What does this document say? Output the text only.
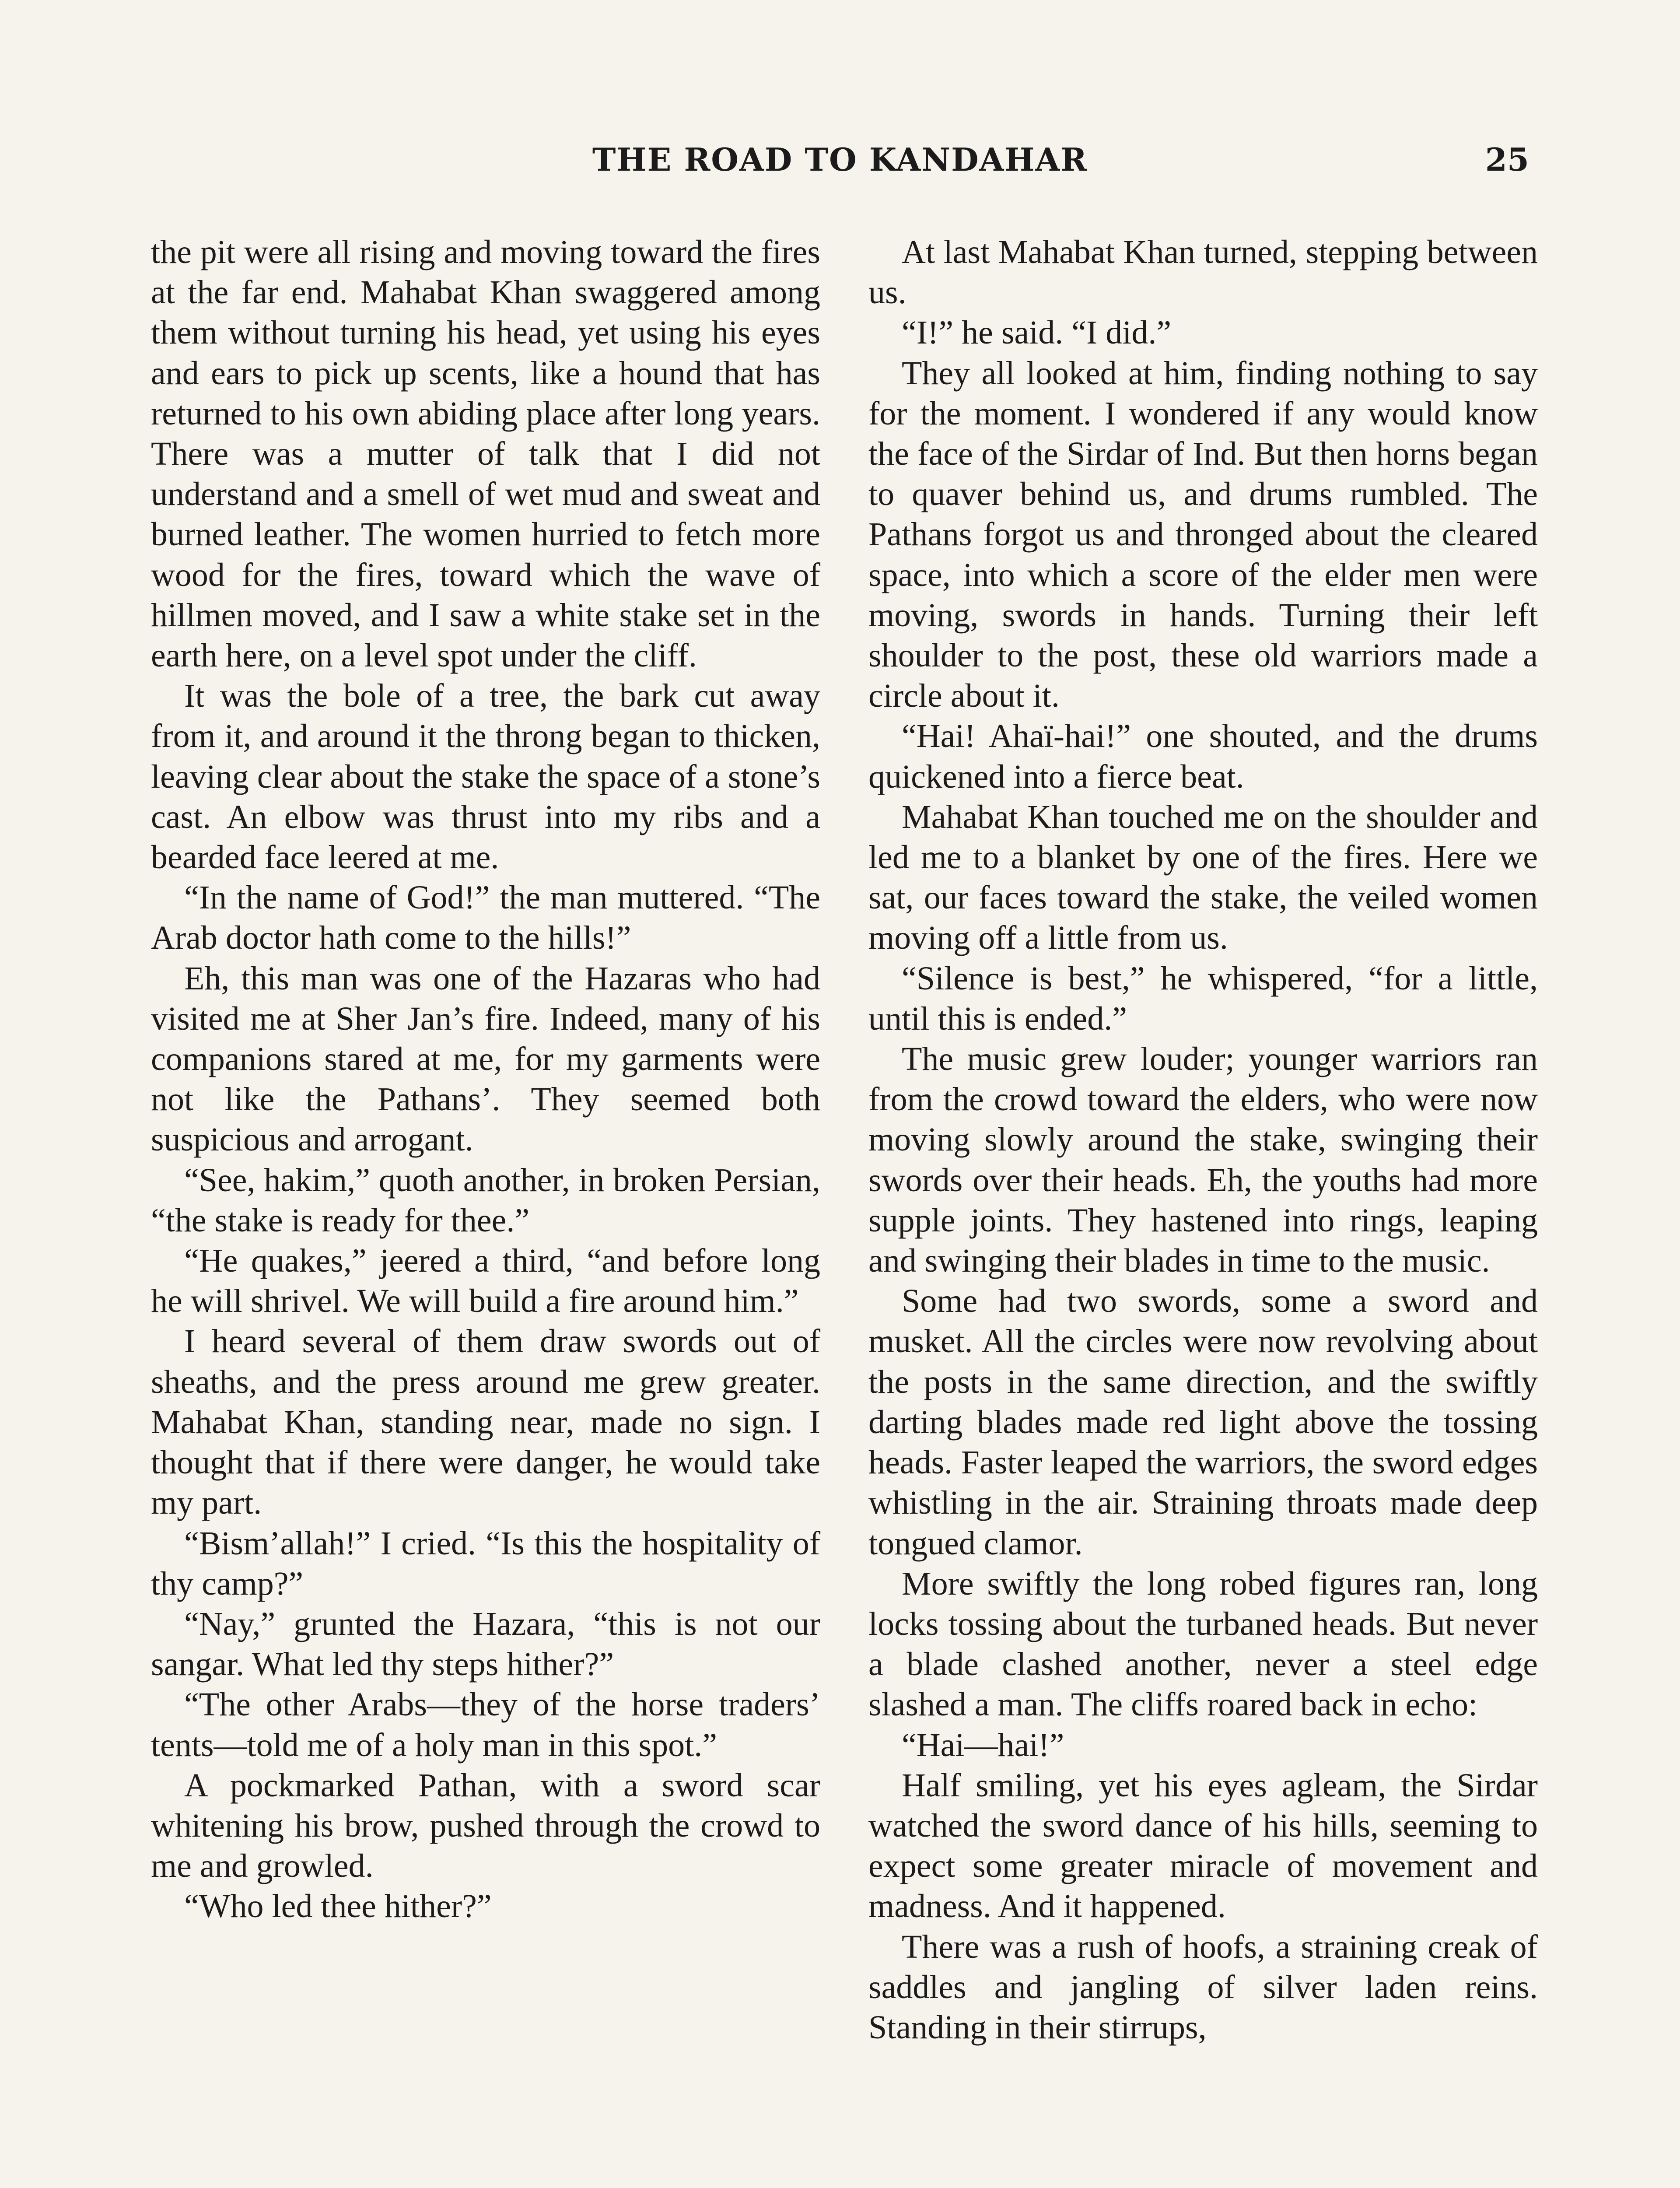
THE ROAD TO KANDAHAR	25

the pit were all rising and moving toward the fires at the far end. Mahabat Khan swaggered among them without turning his head, yet using his eyes and ears to pick up scents, like a hound that has returned to his own abiding place after long years. There was a mutter of talk that I did not understand and a smell of wet mud and sweat and burned leather. The women hurried to fetch more wood for the fires, toward which the wave of hillmen moved, and I saw a white stake set in the earth here, on a level spot under the cliff.

It was the bole of a tree, the bark cut away from it, and around it the throng began to thicken, leaving clear about the stake the space of a stone’s cast. An elbow was thrust into my ribs and a bearded face leered at me.

“In the name of God!” the man muttered. “The Arab doctor hath come to the hills!”

Eh, this man was one of the Hazaras who had visited me at Sher Jan’s fire. Indeed, many of his companions stared at me, for my garments were not like the Pathans’. They seemed both suspicious and arrogant.

“See, hakim,” quoth another, in broken Persian, “the stake is ready for thee.”

“He quakes,” jeered a third, “and before long he will shrivel. We will build a fire around him.”

I heard several of them draw swords out of sheaths, and the press around me grew greater. Mahabat Khan, standing near, made no sign. I thought that if there were danger, he would take my part.

“Bism’allah!” I cried. “Is this the hospitality of thy camp?”

“Nay,” grunted the Hazara, “this is not our sangar. What led thy steps hither?”

“The other Arabs—they of the horse traders’ tents—told me of a holy man in this spot.”

A pockmarked Pathan, with a sword scar whitening his brow, pushed through the crowd to me and growled.

“Who led thee hither?”

At last Mahabat Khan turned, stepping between us.

“I!” he said. “I did.”

They all looked at him, finding nothing to say for the moment. I wondered if any would know the face of the Sirdar of Ind. But then horns began to quaver behind us, and drums rumbled. The Pathans forgot us and thronged about the cleared space, into which a score of the elder men were moving, swords in hands. Turning their left shoulder to the post, these old warriors made a circle about it.

“Hai! Ahaï-hai!” one shouted, and the drums quickened into a fierce beat.

Mahabat Khan touched me on the shoulder and led me to a blanket by one of the fires. Here we sat, our faces toward the stake, the veiled women moving off a little from us.

“Silence is best,” he whispered, “for a little, until this is ended.”

The music grew louder; younger warriors ran from the crowd toward the elders, who were now moving slowly around the stake, swinging their swords over their heads. Eh, the youths had more supple joints. They hastened into rings, leaping and swinging their blades in time to the music.

Some had two swords, some a sword and musket. All the circles were now revolving about the posts in the same direction, and the swiftly darting blades made red light above the tossing heads. Faster leaped the warriors, the sword edges whistling in the air. Straining throats made deep tongued clamor.

More swiftly the long robed figures ran, long locks tossing about the turbaned heads. But never a blade clashed another, never a steel edge slashed a man. The cliffs roared back in echo:

“Hai—hai!”

Half smiling, yet his eyes agleam, the Sirdar watched the sword dance of his hills, seeming to expect some greater miracle of movement and madness. And it happened.

There was a rush of hoofs, a straining creak of saddles and jangling of silver laden reins. Standing in their stirrups,
